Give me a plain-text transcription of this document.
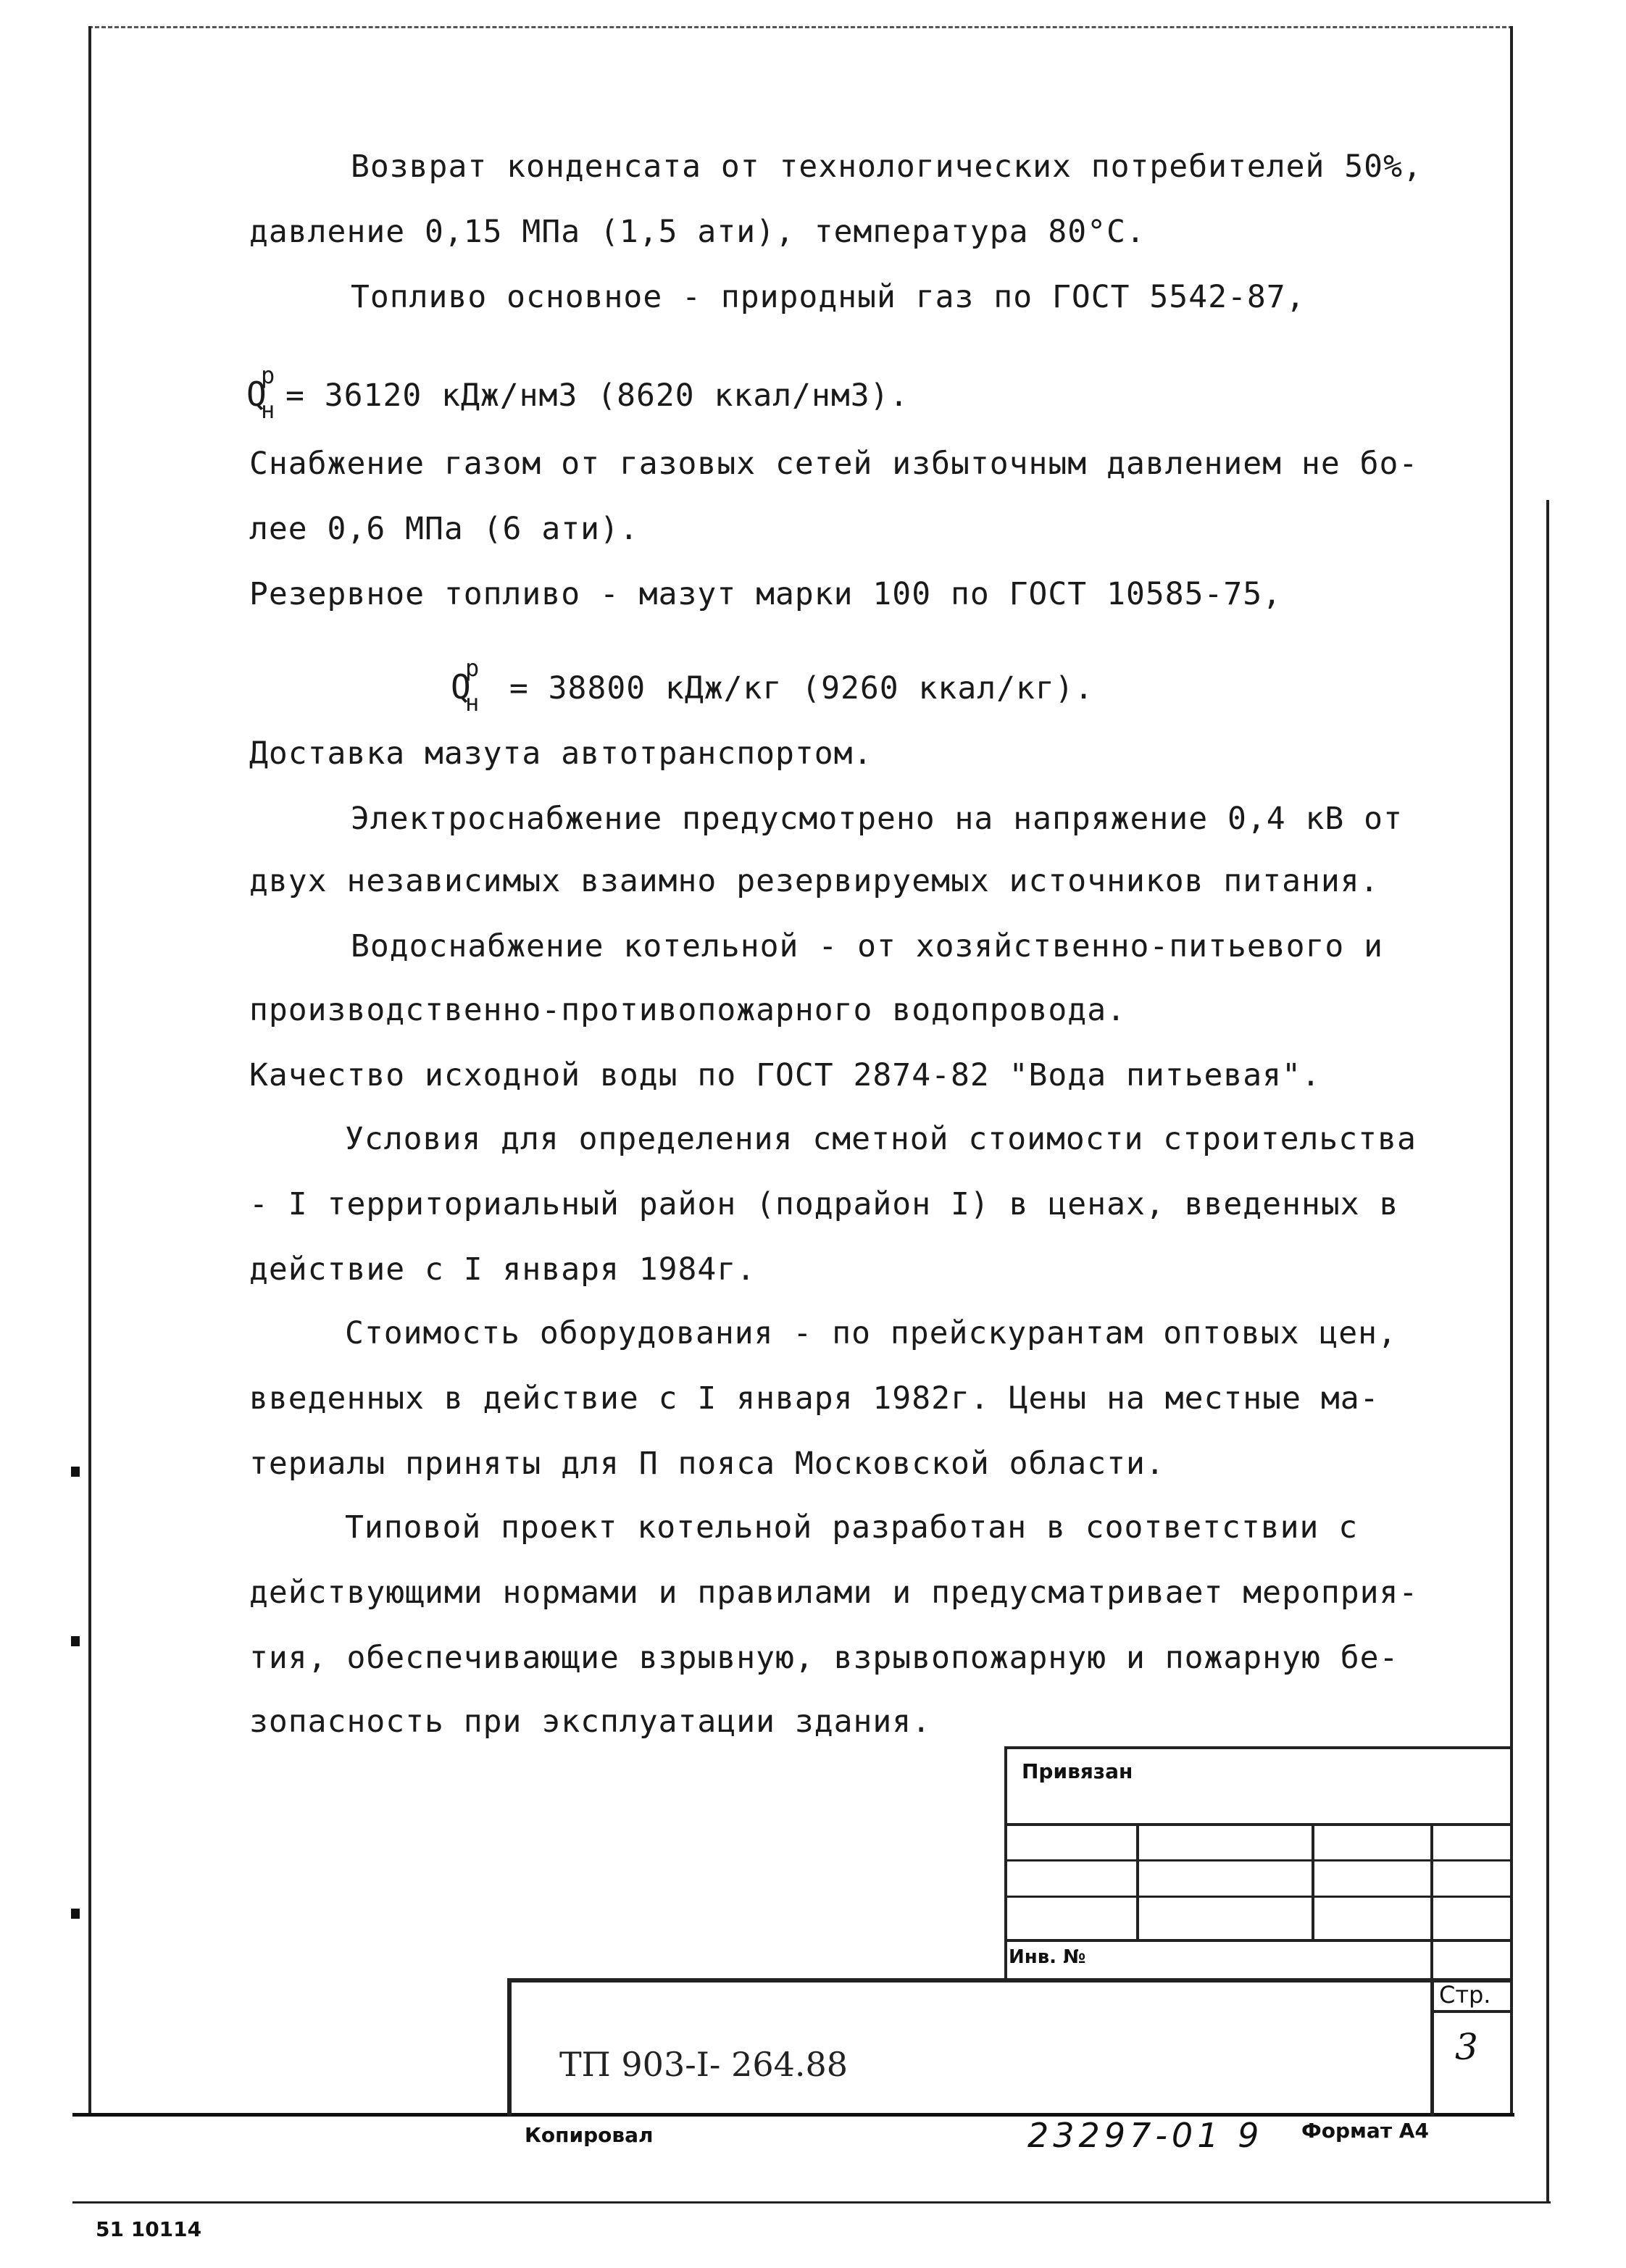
Возврат конденсата от технологических потребителей 50%,
давление 0,15 МПа (1,5 ати), температура 80°С.
Топливо основное - природный газ по ГОСТ 5542-87,
Q
р
н = 36120 кДж/нм3 (8620 ккал/нм3).
Снабжение газом от газовых сетей избыточным давлением не бо-
лее 0,6 МПа (6 ати).
Резервное топливо - мазут марки 100 по ГОСТ 10585-75,
Q
р
н = 38800 кДж/кг (9260 ккал/кг).
Доставка мазута автотранспортом.
Электроснабжение предусмотрено на напряжение 0,4 кВ от
двух независимых взаимно резервируемых источников питания.
Водоснабжение котельной - от хозяйственно-питьевого и
производственно-противопожарного водопровода.
Качество исходной воды по ГОСТ 2874-82 "Вода питьевая".
Условия для определения сметной стоимости строительства
- I территориальный район (подрайон I) в ценах, введенных в
действие с I января 1984г.
Стоимость оборудования - по прейскурантам оптовых цен,
введенных в действие с I января 1982г. Цены на местные ма-
териалы приняты для П пояса Московской области.
Типовой проект котельной разработан в соответствии с
действующими нормами и правилами и предусматривает мероприя-
тия, обеспечивающие взрывную, взрывопожарную и пожарную бе-
зопасность при эксплуатации здания.
Привязан
Инв. №
Стр.
3
ТП 903-I- 264.88
Копировал	23297-01 9 Формат А4
51 10114
